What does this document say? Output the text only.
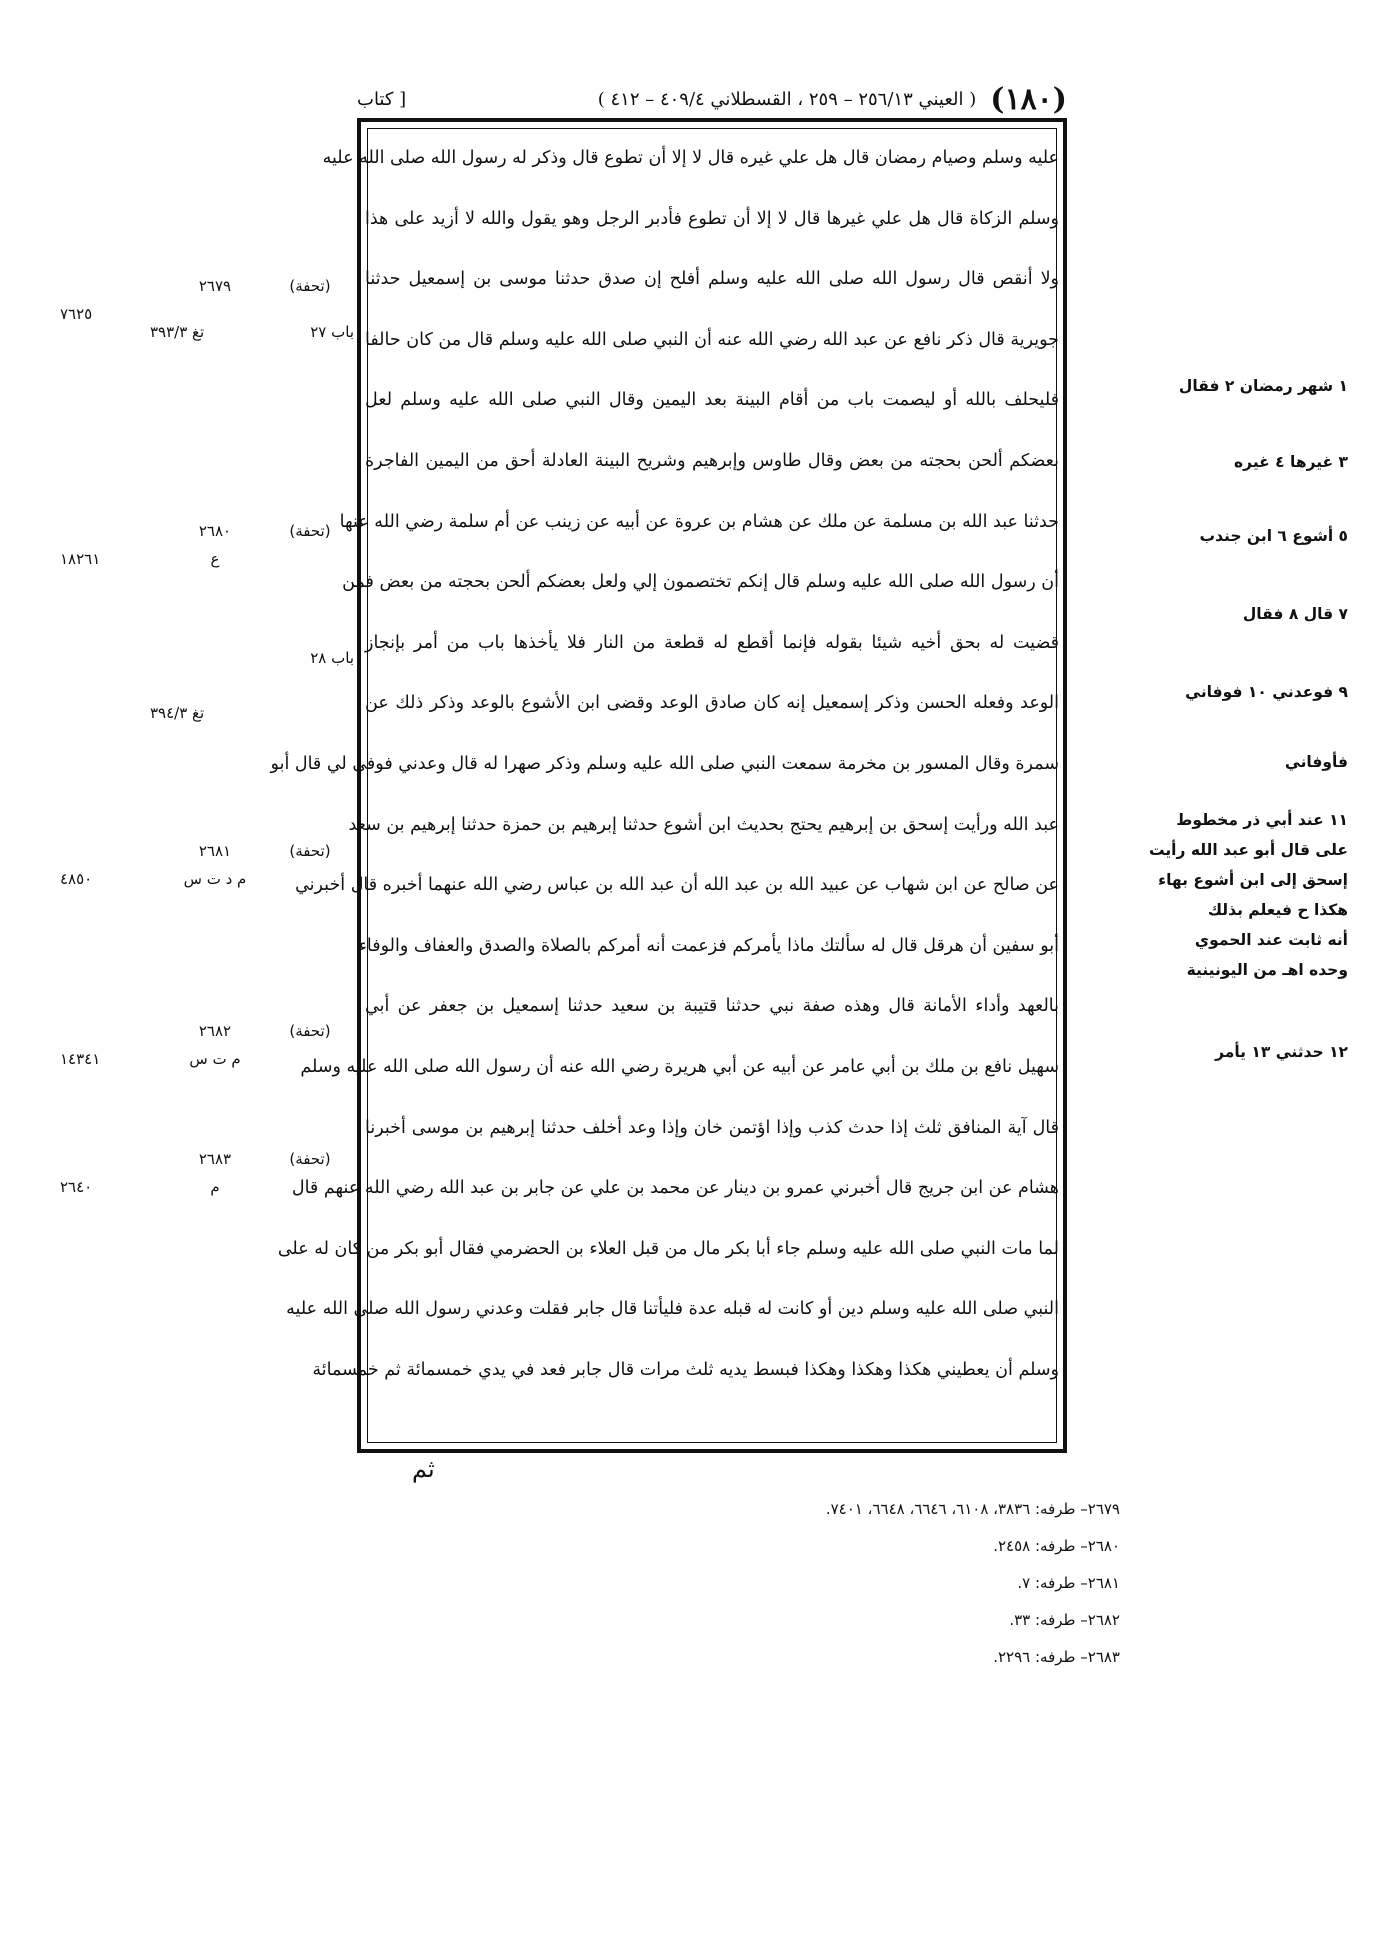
(١٨٠)
( العيني ٢٥٦/١٣ – ٢٥٩ ، القسطلاني ٤٠٩/٤ – ٤١٢ )
[ كتاب
عليه وسلم وصيام رمضان قال هل علي غيره قال لا إلا أن تطوع قال وذكر له رسول الله صلى الله عليه
وسلم الزكاة قال هل علي غيرها قال لا إلا أن تطوع فأدبر الرجل وهو يقول والله لا أزيد على هذا
ولا أنقص قال رسول الله صلى الله عليه وسلم أفلح إن صدق حدثنا موسى بن إسمعيل حدثنا
جويرية قال ذكر نافع عن عبد الله رضي الله عنه أن النبي صلى الله عليه وسلم قال من كان حالفا
فليحلف بالله أو ليصمت باب من أقام البينة بعد اليمين وقال النبي صلى الله عليه وسلم لعل
بعضكم ألحن بحجته من بعض وقال طاوس وإبرهيم وشريح البينة العادلة أحق من اليمين الفاجرة
حدثنا عبد الله بن مسلمة عن ملك عن هشام بن عروة عن أبيه عن زينب عن أم سلمة رضي الله عنها
أن رسول الله صلى الله عليه وسلم قال إنكم تختصمون إلي ولعل بعضكم ألحن بحجته من بعض فمن
قضيت له بحق أخيه شيئا بقوله فإنما أقطع له قطعة من النار فلا يأخذها باب من أمر بإنجاز
الوعد وفعله الحسن وذكر إسمعيل إنه كان صادق الوعد وقضى ابن الأشوع بالوعد وذكر ذلك عن
سمرة وقال المسور بن مخرمة سمعت النبي صلى الله عليه وسلم وذكر صهرا له قال وعدني فوفى لي قال أبو
عبد الله ورأيت إسحق بن إبرهيم يحتج بحديث ابن أشوع حدثنا إبرهيم بن حمزة حدثنا إبرهيم بن سعد
عن صالح عن ابن شهاب عن عبيد الله بن عبد الله أن عبد الله بن عباس رضي الله عنهما أخبره قال أخبرني
أبو سفين أن هرقل قال له سألتك ماذا يأمركم فزعمت أنه أمركم بالصلاة والصدق والعفاف والوفاء
بالعهد وأداء الأمانة قال وهذه صفة نبي حدثنا قتيبة بن سعيد حدثنا إسمعيل بن جعفر عن أبي
سهيل نافع بن ملك بن أبي عامر عن أبيه عن أبي هريرة رضي الله عنه أن رسول الله صلى الله عليه وسلم
قال آية المنافق ثلث إذا حدث كذب وإذا اؤتمن خان وإذا وعد أخلف حدثنا إبرهيم بن موسى أخبرنا
هشام عن ابن جريج قال أخبرني عمرو بن دينار عن محمد بن علي عن جابر بن عبد الله رضي الله عنهم قال
لما مات النبي صلى الله عليه وسلم جاء أبا بكر مال من قبل العلاء بن الحضرمي فقال أبو بكر من كان له على
النبي صلى الله عليه وسلم دين أو كانت له قبله عدة فليأتنا قال جابر فقلت وعدني رسول الله صلى الله عليه
وسلم أن يعطيني هكذا وهكذا وهكذا فبسط يديه ثلث مرات قال جابر فعد في يدي خمسمائة ثم خمسمائة
(تحفة)
٢٦٧٩
٧٦٢٥
(تحفة)
٢٦٨٠
ع
١٨٢٦١
(تحفة)
٢٦٨١
م د ت س
٤٨٥٠
(تحفة)
٢٦٨٢
م ت س
١٤٣٤١
(تحفة)
٢٦٨٣
م
٢٦٤٠
١ شهر رمضان ٢ فقال
٣ غيرها ٤ غيره
٥ أشوع ٦ ابن جندب
٧ قال ٨ فقال
٩ فوعدني ١٠ فوفاني
فأوفاني
١١ عند أبي ذر مخطوط
على قال أبو عبد الله رأيت
إسحق إلى ابن أشوع بهاء
هكذا ح فيعلم بذلك
أنه ثابت عند الحموي
وحده اهـ من اليونينية
١٢ حدثني ١٣ يأمر
باب ٢٧
تغ ٣٩٣/٣
باب ٢٨
تغ ٣٩٤/٣
ثم
٢٦٧٩– طرفه: ٣٨٣٦، ٦١٠٨، ٦٦٤٦، ٦٦٤٨، ٧٤٠١.
٢٦٨٠– طرفه: ٢٤٥٨.
٢٦٨١– طرفه: ٧.
٢٦٨٢– طرفه: ٣٣.
٢٦٨٣– طرفه: ٢٢٩٦.
